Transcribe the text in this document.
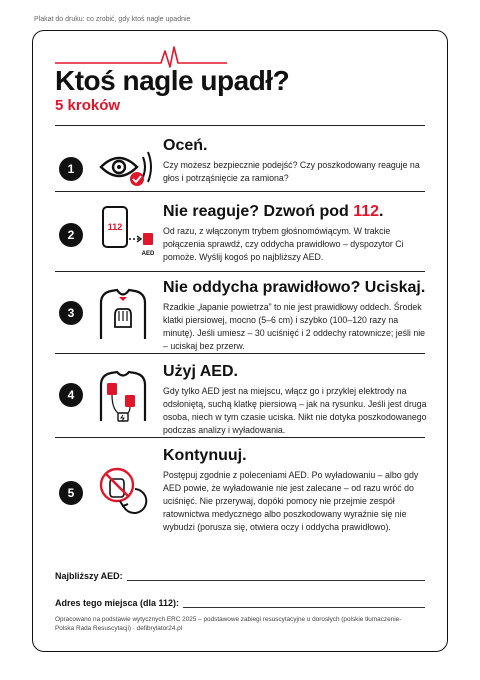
Plakat do druku: co zrobić, gdy ktoś nagle upadnie
Ktoś nagle upadł?
5 kroków
1
Oceń.
Czy możesz bezpiecznie podejść? Czy poszkodowany reaguje na głos i potrząśnięcie za ramiona?
2
112
AED
Nie reaguje? Dzwoń pod 112.
Od razu, z włączonym trybem głośnomówiącym. W trakcie połączenia sprawdź, czy oddycha prawidłowo – dyspozytor Ci pomoże. Wyślij kogoś po najbliższy AED.
3
Nie oddycha prawidłowo? Uciskaj.
Rzadkie „łapanie powietrza” to nie jest prawidłowy oddech. Środek klatki piersiowej, mocno (5–6 cm) i szybko (100–120 razy na minutę). Jeśli umiesz – 30 uciśnięć i 2 oddechy ratownicze; jeśli nie – uciskaj bez przerw.
4
Użyj AED.
Gdy tylko AED jest na miejscu, włącz go i przyklej elektrody na odsłoniętą, suchą klatkę piersiową – jak na rysunku. Jeśli jest druga osoba, niech w tym czasie uciska. Nikt nie dotyka poszkodowanego podczas analizy i wyładowania.
5
Kontynuuj.
Postępuj zgodnie z poleceniami AED. Po wyładowaniu – albo gdy AED powie, że wyładowanie nie jest zalecane – od razu wróć do uciśnięć. Nie przerywaj, dopóki pomocy nie przejmie zespół ratownictwa medycznego albo poszkodowany wyraźnie się nie wybudzi (porusza się, otwiera oczy i oddycha prawidłowo).
Najbliższy AED:
Adres tego miejsca (dla 112):
Opracowano na podstawie wytycznych ERC 2025 – podstawowe zabiegi resuscytacyjne u dorosłych (polskie tłumaczenie- Polska Rada Resuscytacji) · defibrylator24.pl
